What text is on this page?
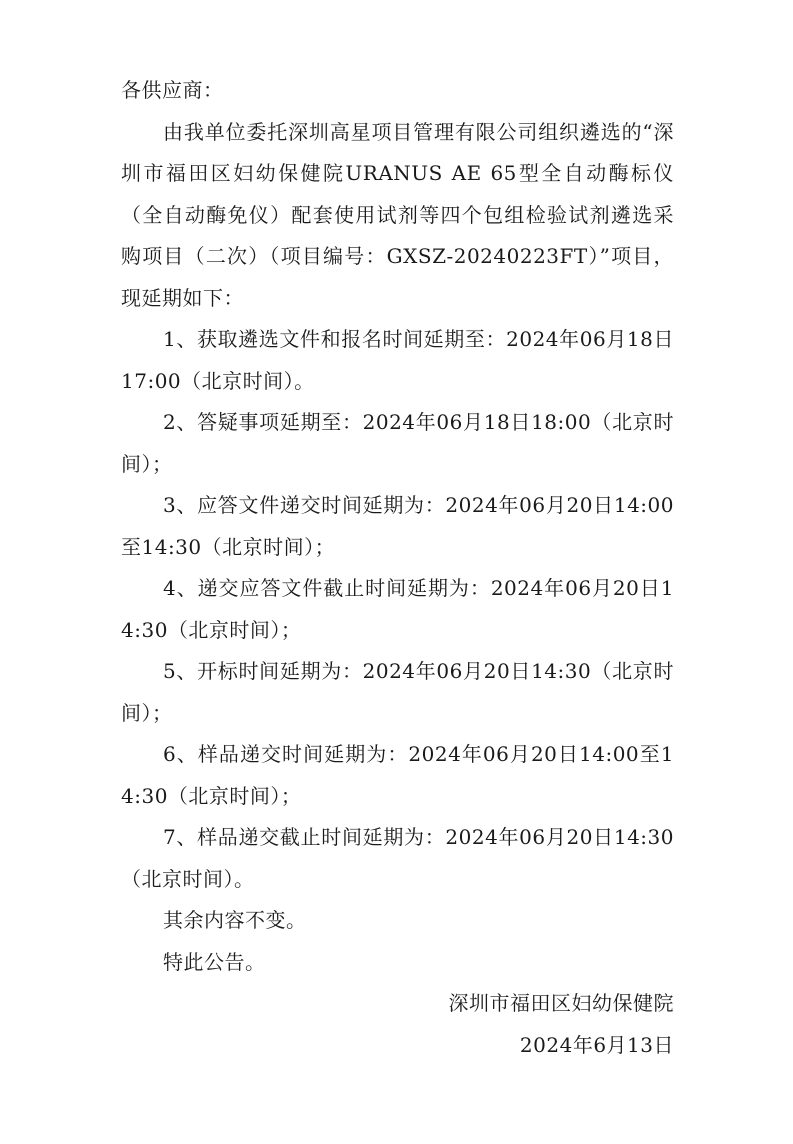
各供应商：

由我单位委托深圳高星项目管理有限公司组织遴选的“深圳市福田区妇幼保健院URANUS AE 65型全自动酶标仪（全自动酶免仪）配套使用试剂等四个包组检验试剂遴选采购项目（二次）（项目编号：GXSZ-20240223FT）”项目，现延期如下：

1、获取遴选文件和报名时间延期至：2024年06月18日17:00（北京时间）。

2、答疑事项延期至：2024年06月18日18:00（北京时间）；

3、应答文件递交时间延期为：2024年06月20日14:00至14:30（北京时间）；

4、递交应答文件截止时间延期为：2024年06月20日14:30（北京时间）；

5、开标时间延期为：2024年06月20日14:30（北京时间）；

6、样品递交时间延期为：2024年06月20日14:00至14:30（北京时间）；

7、样品递交截止时间延期为：2024年06月20日14:30（北京时间）。

其余内容不变。

特此公告。

深圳市福田区妇幼保健院

2024年6月13日
